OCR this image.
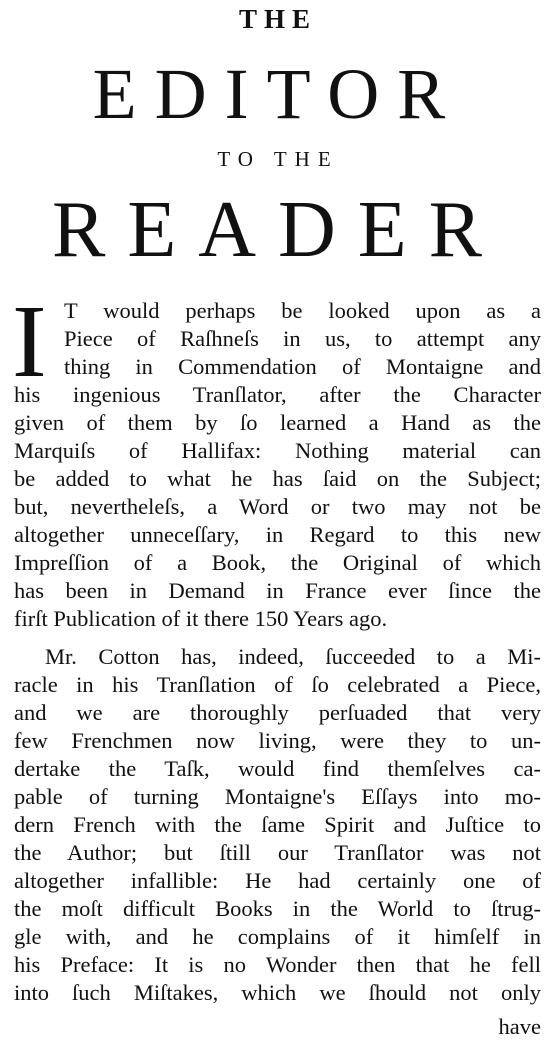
THE
EDITOR
TO THE
READER
I T would perhaps be looked upon as a
Piece of Raſhneſs in us, to attempt any
thing in Commendation of Montaigne and
his ingenious Tranſlator, after the Character
given of them by ſo learned a Hand as the
Marquiſs of Hallifax: Nothing material can
be added to what he has ſaid on the Subject;
but, nevertheleſs, a Word or two may not be
altogether unneceſſary, in Regard to this new
Impreſſion of a Book, the Original of which
has been in Demand in France ever ſince the
firſt Publication of it there 150 Years ago.
Mr. Cotton has, indeed, ſucceeded to a Mi-
racle in his Tranſlation of ſo celebrated a Piece,
and we are thoroughly perſuaded that very
few Frenchmen now living, were they to un-
dertake the Taſk, would find themſelves ca-
pable of turning Montaigne's Eſſays into mo-
dern French with the ſame Spirit and Juſtice to
the Author; but ſtill our Tranſlator was not
altogether infallible: He had certainly one of
the moſt difficult Books in the World to ſtrug-
gle with, and he complains of it himſelf in
his Preface: It is no Wonder then that he fell
into ſuch Miſtakes, which we ſhould not only
have
